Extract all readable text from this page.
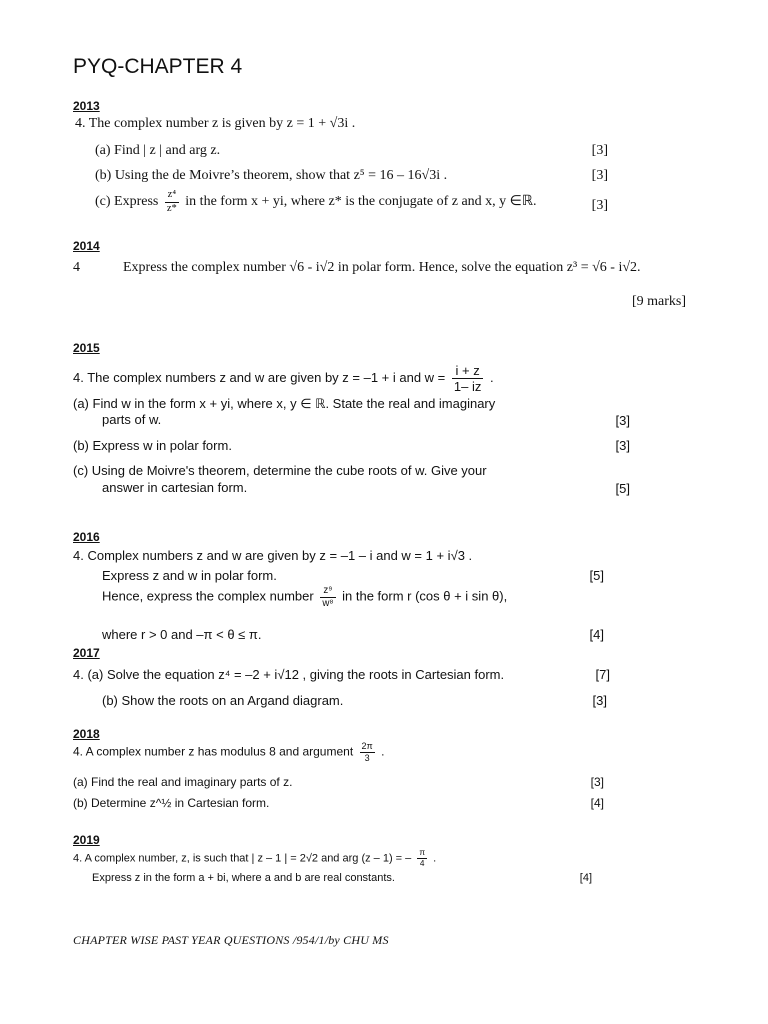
PYQ-CHAPTER 4
2013
4. The complex number z is given by z = 1 + √3i .
(a) Find | z | and arg z.	[3]
(b) Using the de Moivre’s theorem, show that z⁵ = 16 – 16√3i .	[3]
(c) Express $\frac{\text{z⁴}}{z*}$ in the form x + yi, where z* is the conjugate of z and x, y ∈ℝ.	[3]
2014
4	Express the complex number √6 - i√2 in polar form. Hence, solve the equation z³ = √6 - i√2.
[9 marks]
2015
4. The complex numbers z and w are given by z = –1 + i and $w = \frac{i + z}{1- iz}$ .
(a) Find w in the form x + yi, where x, y ∈ ℝ. State the real and imaginary
parts of w.	[3]
(b) Express w in polar form.	[3]
(c) Using de Moivre's theorem, determine the cube roots of w. Give your
answer in cartesian form.	[5]
2016
4. Complex numbers z and w are given by z = –1 – i and w = 1 + i√3 .
Express z and w in polar form.	[5]
Hence, express the complex number $\frac{\text{z⁹}}{\text{w⁸}}$ in the form r (cos θ + i sin θ),
where r > 0 and –π < θ ≤ π.	[4]
2017
4. (a) Solve the equation z⁴ = –2 + i√12 , giving the roots in Cartesian form.	[7]
(b) Show the roots on an Argand diagram.	[3]
2018
4. A complex number z has modulus 8 and argument $\frac{2\pi}{3}$ .
(a) Find the real and imaginary parts of z.	[3]
(b) Determine z^½ in Cartesian form.	[4]
2019
4. A complex number, z, is such that | z – 1 | = 2√2 and arg (z – 1) = – $\frac{\pi}{4}$ .
Express z in the form a + bi, where a and b are real constants.	[4]
CHAPTER WISE PAST YEAR QUESTIONS /954/1/by CHU MS
